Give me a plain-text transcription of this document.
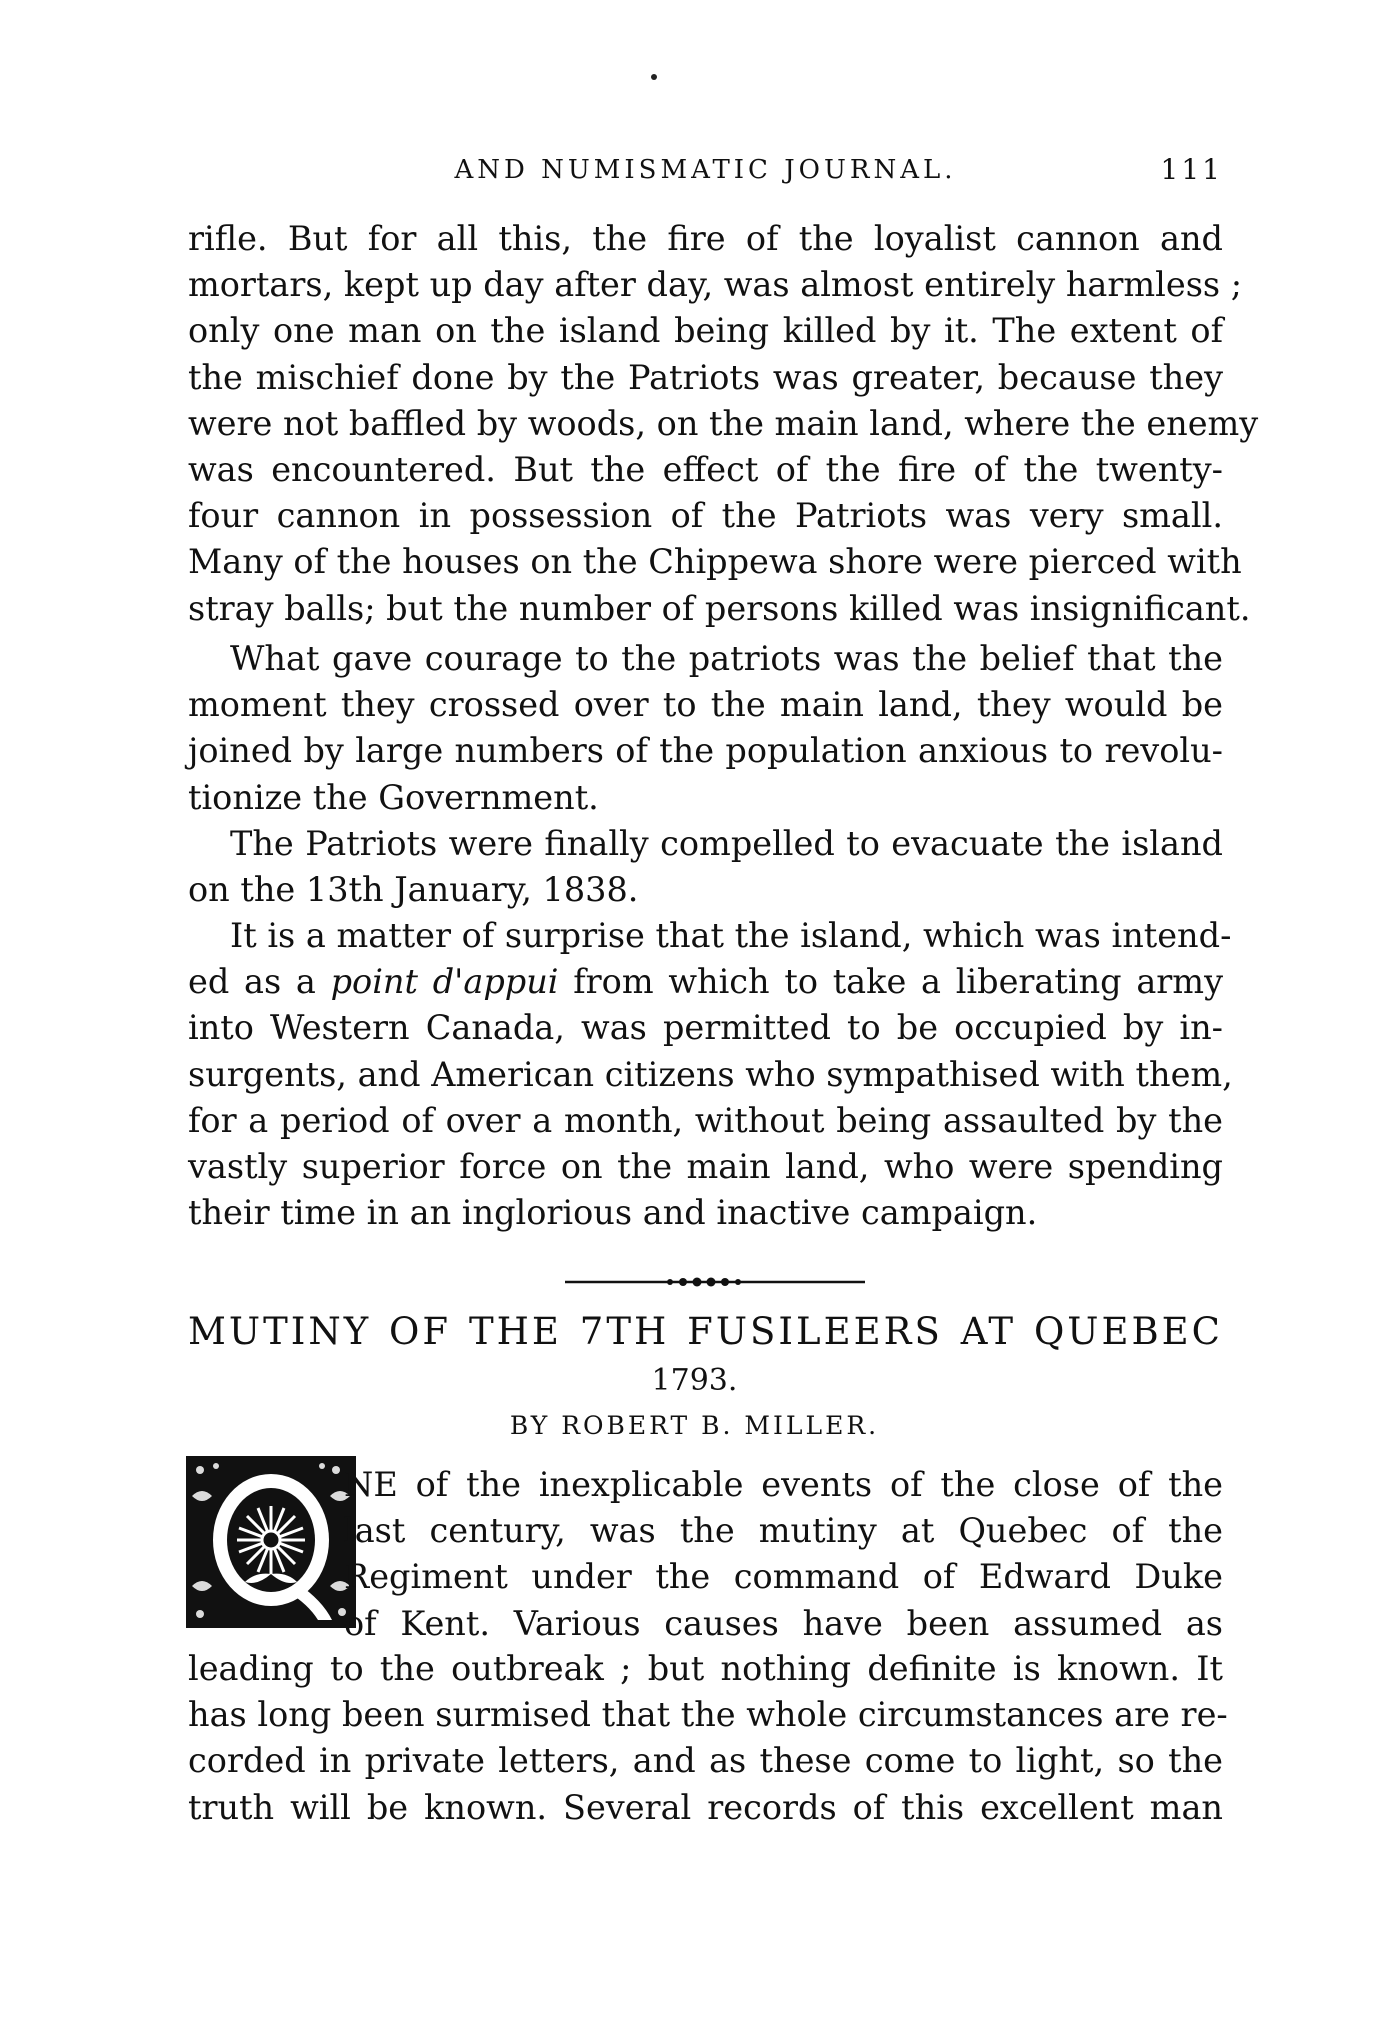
AND NUMISMATIC JOURNAL.	111
rifle. But for all this, the fire of the loyalist cannon and
mortars, kept up day after day, was almost entirely harmless ;
only one man on the island being killed by it. The extent of
the mischief done by the Patriots was greater, because they
were not baffled by woods, on the main land, where the enemy
was encountered. But the effect of the fire of the twenty-
four cannon in possession of the Patriots was very small.
Many of the houses on the Chippewa shore were pierced with
stray balls; but the number of persons killed was insignificant.
What gave courage to the patriots was the belief that the
moment they crossed over to the main land, they would be
joined by large numbers of the population anxious to revolu-
tionize the Government.
The Patriots were finally compelled to evacuate the island
on the 13th January, 1838.
It is a matter of surprise that the island, which was intend-
ed as a point d'appui from which to take a liberating army
into Western Canada, was permitted to be occupied by in-
surgents, and American citizens who sympathised with them,
for a period of over a month, without being assaulted by the
vastly superior force on the main land, who were spending
their time in an inglorious and inactive campaign.
MUTINY OF THE 7TH FUSILEERS AT QUEBEC
1793.
BY ROBERT B. MILLER.
NE of the inexplicable events of the close of the
last century, was the mutiny at Quebec of the
Regiment under the command of Edward Duke
of Kent. Various causes have been assumed as
leading to the outbreak ; but nothing definite is known. It
has long been surmised that the whole circumstances are re-
corded in private letters, and as these come to light, so the
truth will be known. Several records of this excellent man
